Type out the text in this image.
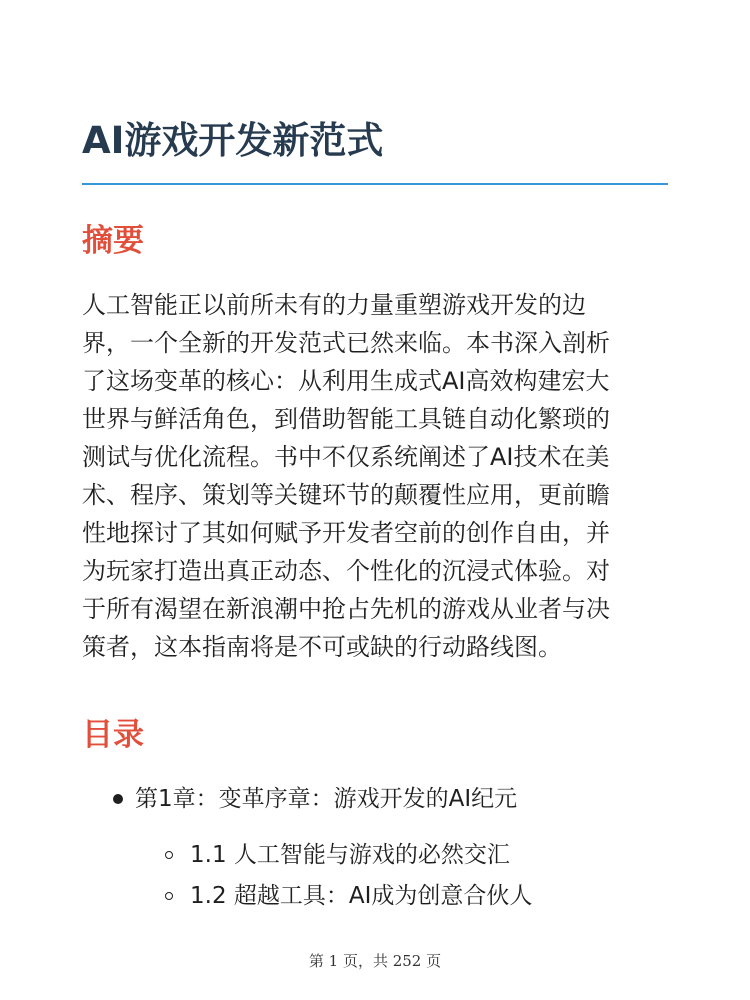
AI游戏开发新范式
摘要
人工智能正以前所未有的力量重塑游戏开发的边
界，一个全新的开发范式已然来临。本书深入剖析
了这场变革的核心：从利用生成式AI高效构建宏大
世界与鲜活角色，到借助智能工具链自动化繁琐的
测试与优化流程。书中不仅系统阐述了AI技术在美
术、程序、策划等关键环节的颠覆性应用，更前瞻
性地探讨了其如何赋予开发者空前的创作自由，并
为玩家打造出真正动态、个性化的沉浸式体验。对
于所有渴望在新浪潮中抢占先机的游戏从业者与决
策者，这本指南将是不可或缺的行动路线图。
目录
第1章：变革序章：游戏开发的AI纪元
1.1 人工智能与游戏的必然交汇
1.2 超越工具：AI成为创意合伙人
第 1 页，共 252 页
